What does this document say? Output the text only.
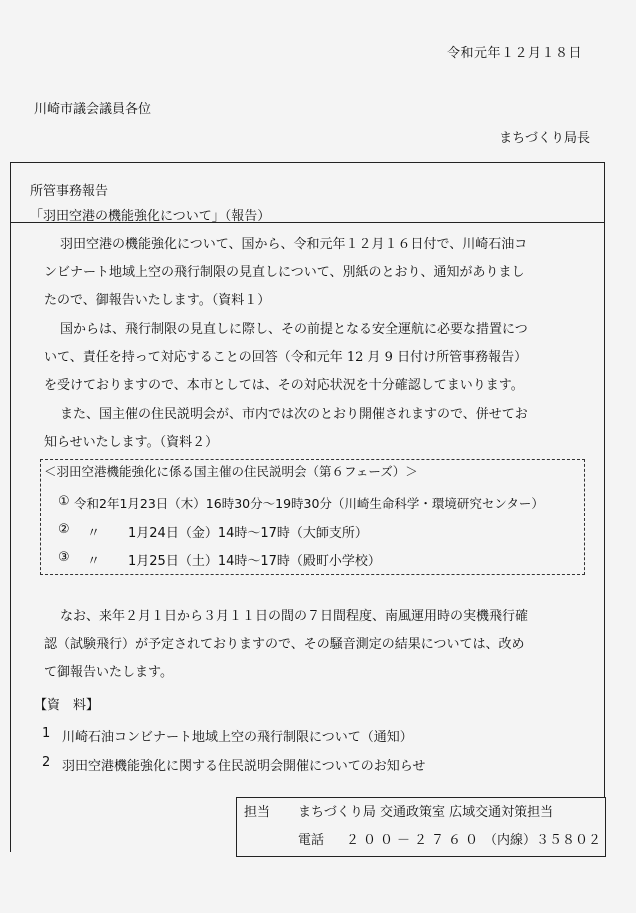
令和元年１２月１８日
川崎市議会議員各位
まちづくり局長
所管事務報告
「羽田空港の機能強化について」（報告）
羽田空港の機能強化について、国から、令和元年１２月１６日付で、川崎石油コ
ンビナート地域上空の飛行制限の見直しについて、別紙のとおり、通知がありまし
たので、御報告いたします。（資料１）
国からは、飛行制限の見直しに際し、その前提となる安全運航に必要な措置につ
いて、責任を持って対応することの回答（令和元年 12 月 9 日付け所管事務報告）
を受けておりますので、本市としては、その対応状況を十分確認してまいります。
また、国主催の住民説明会が、市内では次のとおり開催されますので、併せてお
知らせいたします。（資料２）
＜羽田空港機能強化に係る国主催の住民説明会（第６フェーズ）＞
① 令和2年1月23日（木）16時30分～19時30分（川崎生命科学・環境研究センター）
② 〃 1月24日（金）14時～17時（大師支所）
③ 〃 1月25日（土）14時～17時（殿町小学校）
なお、来年２月１日から３月１１日の間の７日間程度、南風運用時の実機飛行確
認（試験飛行）が予定されておりますので、その騒音測定の結果については、改め
て御報告いたします。
【資　料】
1 川崎石油コンビナート地域上空の飛行制限について（通知）
2 羽田空港機能強化に関する住民説明会開催についてのお知らせ
担当 まちづくり局 交通政策室 広域交通対策担当
電話 ２００－２７６０ （内線）３５８０２
